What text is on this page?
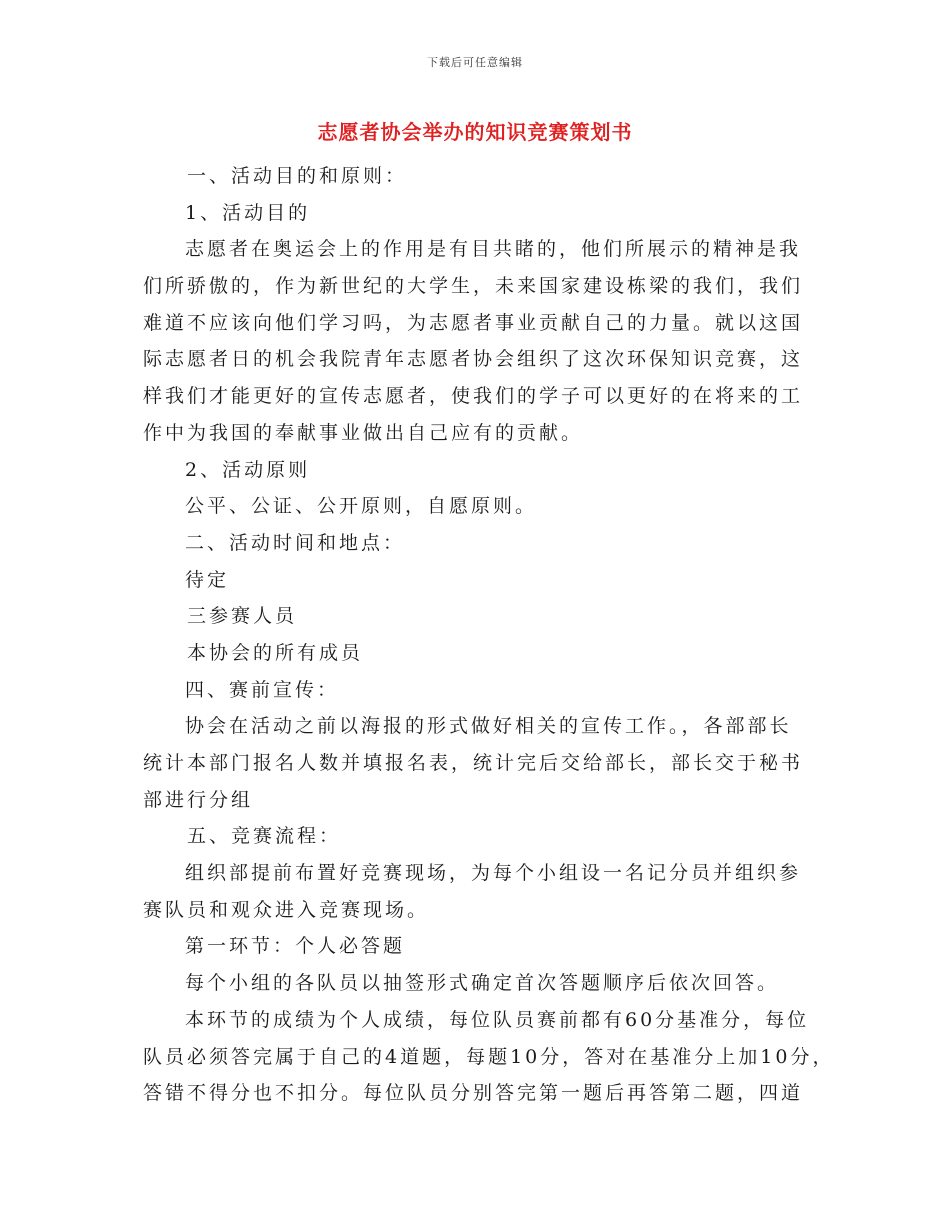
下载后可任意编辑
志愿者协会举办的知识竞赛策划书
一、活动目的和原则：
1、活动目的
志愿者在奥运会上的作用是有目共睹的，他们所展示的精神是我
们所骄傲的，作为新世纪的大学生，未来国家建设栋梁的我们，我们
难道不应该向他们学习吗，为志愿者事业贡献自己的力量。就以这国
际志愿者日的机会我院青年志愿者协会组织了这次环保知识竞赛，这
样我们才能更好的宣传志愿者，使我们的学子可以更好的在将来的工
作中为我国的奉献事业做出自己应有的贡献。
2、活动原则
公平、公证、公开原则，自愿原则。
二、活动时间和地点：
待定
三参赛人员
本协会的所有成员
四、赛前宣传：
协会在活动之前以海报的形式做好相关的宣传工作。，各部部长
统计本部门报名人数并填报名表，统计完后交给部长，部长交于秘书
部进行分组
五、竞赛流程：
组织部提前布置好竞赛现场，为每个小组设一名记分员并组织参
赛队员和观众进入竞赛现场。
第一环节：个人必答题
每个小组的各队员以抽签形式确定首次答题顺序后依次回答。
本环节的成绩为个人成绩，每位队员赛前都有60分基准分，每位
队员必须答完属于自己的4道题，每题10分，答对在基准分上加10分，
答错不得分也不扣分。每位队员分别答完第一题后再答第二题，四道
